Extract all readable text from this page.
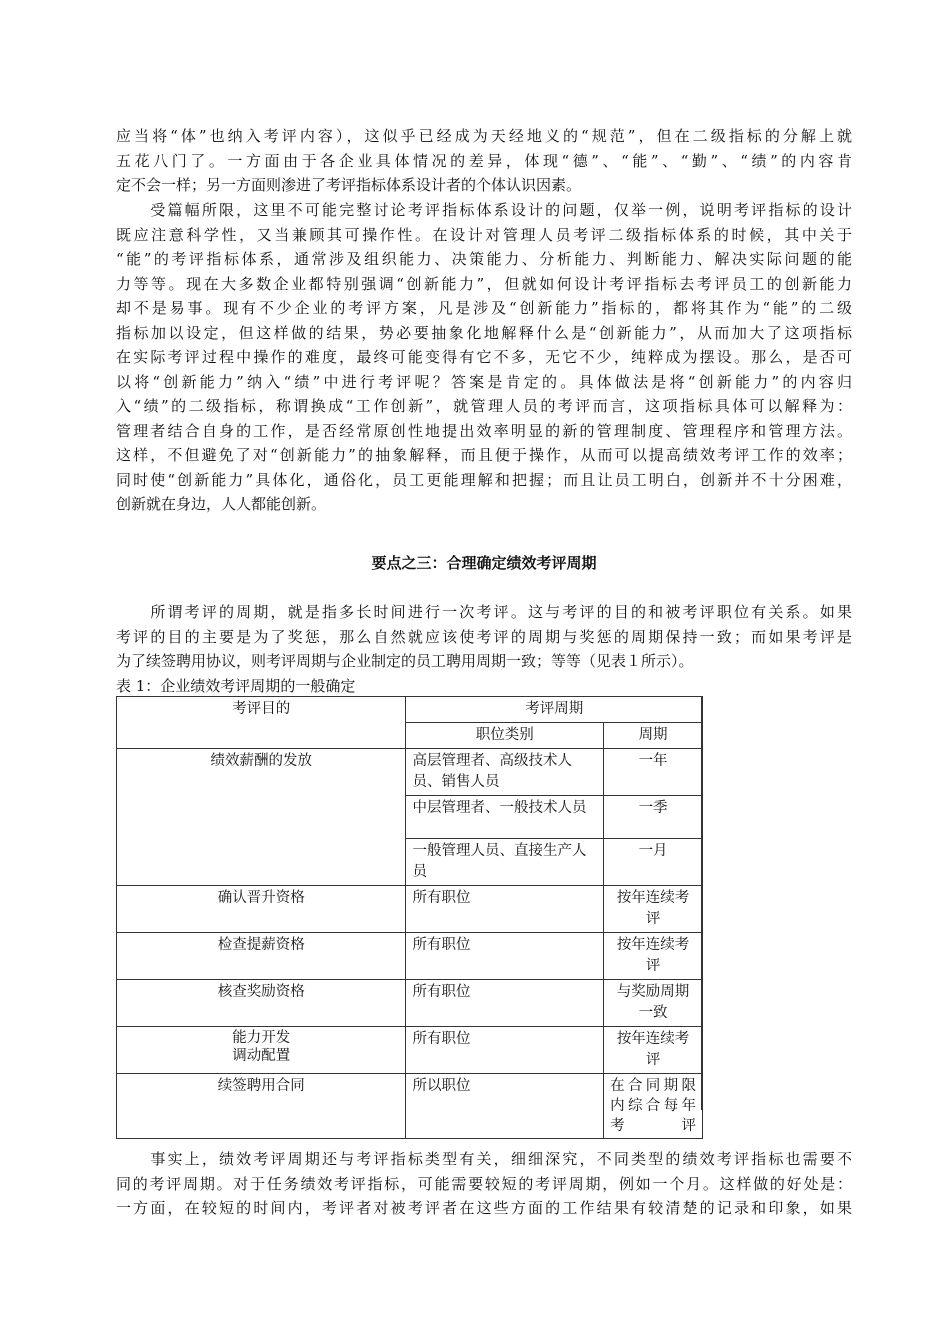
应当将“体”也纳入考评内容），这似乎已经成为天经地义的“规范”，但在二级指标的分解上就
五花八门了。一方面由于各企业具体情况的差异，体现“德”、“能”、“勤”、“绩”的内容肯
定不会一样；另一方面则渗进了考评指标体系设计者的个体认识因素。
　　受篇幅所限，这里不可能完整讨论考评指标体系设计的问题，仅举一例，说明考评指标的设计
既应注意科学性，又当兼顾其可操作性。在设计对管理人员考评二级指标体系的时候，其中关于
“能”的考评指标体系，通常涉及组织能力、决策能力、分析能力、判断能力、解决实际问题的能
力等等。现在大多数企业都特别强调“创新能力”，但就如何设计考评指标去考评员工的创新能力
却不是易事。现有不少企业的考评方案，凡是涉及“创新能力”指标的，都将其作为“能”的二级
指标加以设定，但这样做的结果，势必要抽象化地解释什么是“创新能力”，从而加大了这项指标
在实际考评过程中操作的难度，最终可能变得有它不多，无它不少，纯粹成为摆设。那么，是否可
以将“创新能力”纳入“绩”中进行考评呢？答案是肯定的。具体做法是将“创新能力”的内容归
入“绩”的二级指标，称谓换成“工作创新”，就管理人员的考评而言，这项指标具体可以解释为：
管理者结合自身的工作，是否经常原创性地提出效率明显的新的管理制度、管理程序和管理方法。
这样，不但避免了对“创新能力”的抽象解释，而且便于操作，从而可以提高绩效考评工作的效率；
同时使“创新能力”具体化，通俗化，员工更能理解和把握；而且让员工明白，创新并不十分困难，
创新就在身边，人人都能创新。
要点之三：合理确定绩效考评周期
　　所谓考评的周期，就是指多长时间进行一次考评。这与考评的目的和被考评职位有关系。如果
考评的目的主要是为了奖惩，那么自然就应该使考评的周期与奖惩的周期保持一致；而如果考评是
为了续签聘用协议，则考评周期与企业制定的员工聘用周期一致；等等（见表１所示）。
表 1：企业绩效考评周期的一般确定
考评目的	考评周期	
	职位类别	周期
绩效薪酬的发放	高层管理者、高级技术人员、销售人员	一年
	中层管理者、一般技术人员	一季
	一般管理人员、直接生产人员	一月
确认晋升资格	所有职位	按年连续考评
检查提薪资格	所有职位	按年连续考评
核查奖励资格	所有职位	与奖励周期一致
能力开发
调动配置	所有职位	按年连续考评
续签聘用合同	所以职位	在合同期限内综合每年考评
　　事实上，绩效考评周期还与考评指标类型有关，细细深究，不同类型的绩效考评指标也需要不
同的考评周期。对于任务绩效考评指标，可能需要较短的考评周期，例如一个月。这样做的好处是：
一方面，在较短的时间内，考评者对被考评者在这些方面的工作结果有较清楚的记录和印象，如果
